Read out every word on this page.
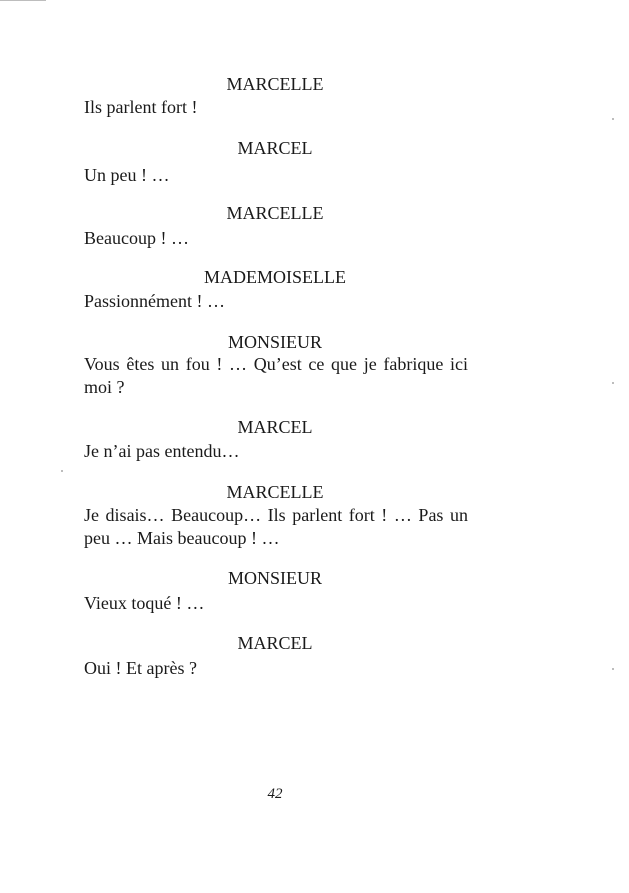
MARCELLE
Ils parlent fort !
MARCEL
Un peu ! …
MARCELLE
Beaucoup ! …
MADEMOISELLE
Passionnément ! …
MONSIEUR
Vous êtes un fou ! … Qu’est ce que je fabrique ici moi ?
MARCEL
Je n’ai pas entendu…
MARCELLE
Je disais… Beaucoup… Ils parlent fort ! … Pas un peu … Mais beaucoup ! …
MONSIEUR
Vieux toqué ! …
MARCEL
Oui ! Et après ?
42
